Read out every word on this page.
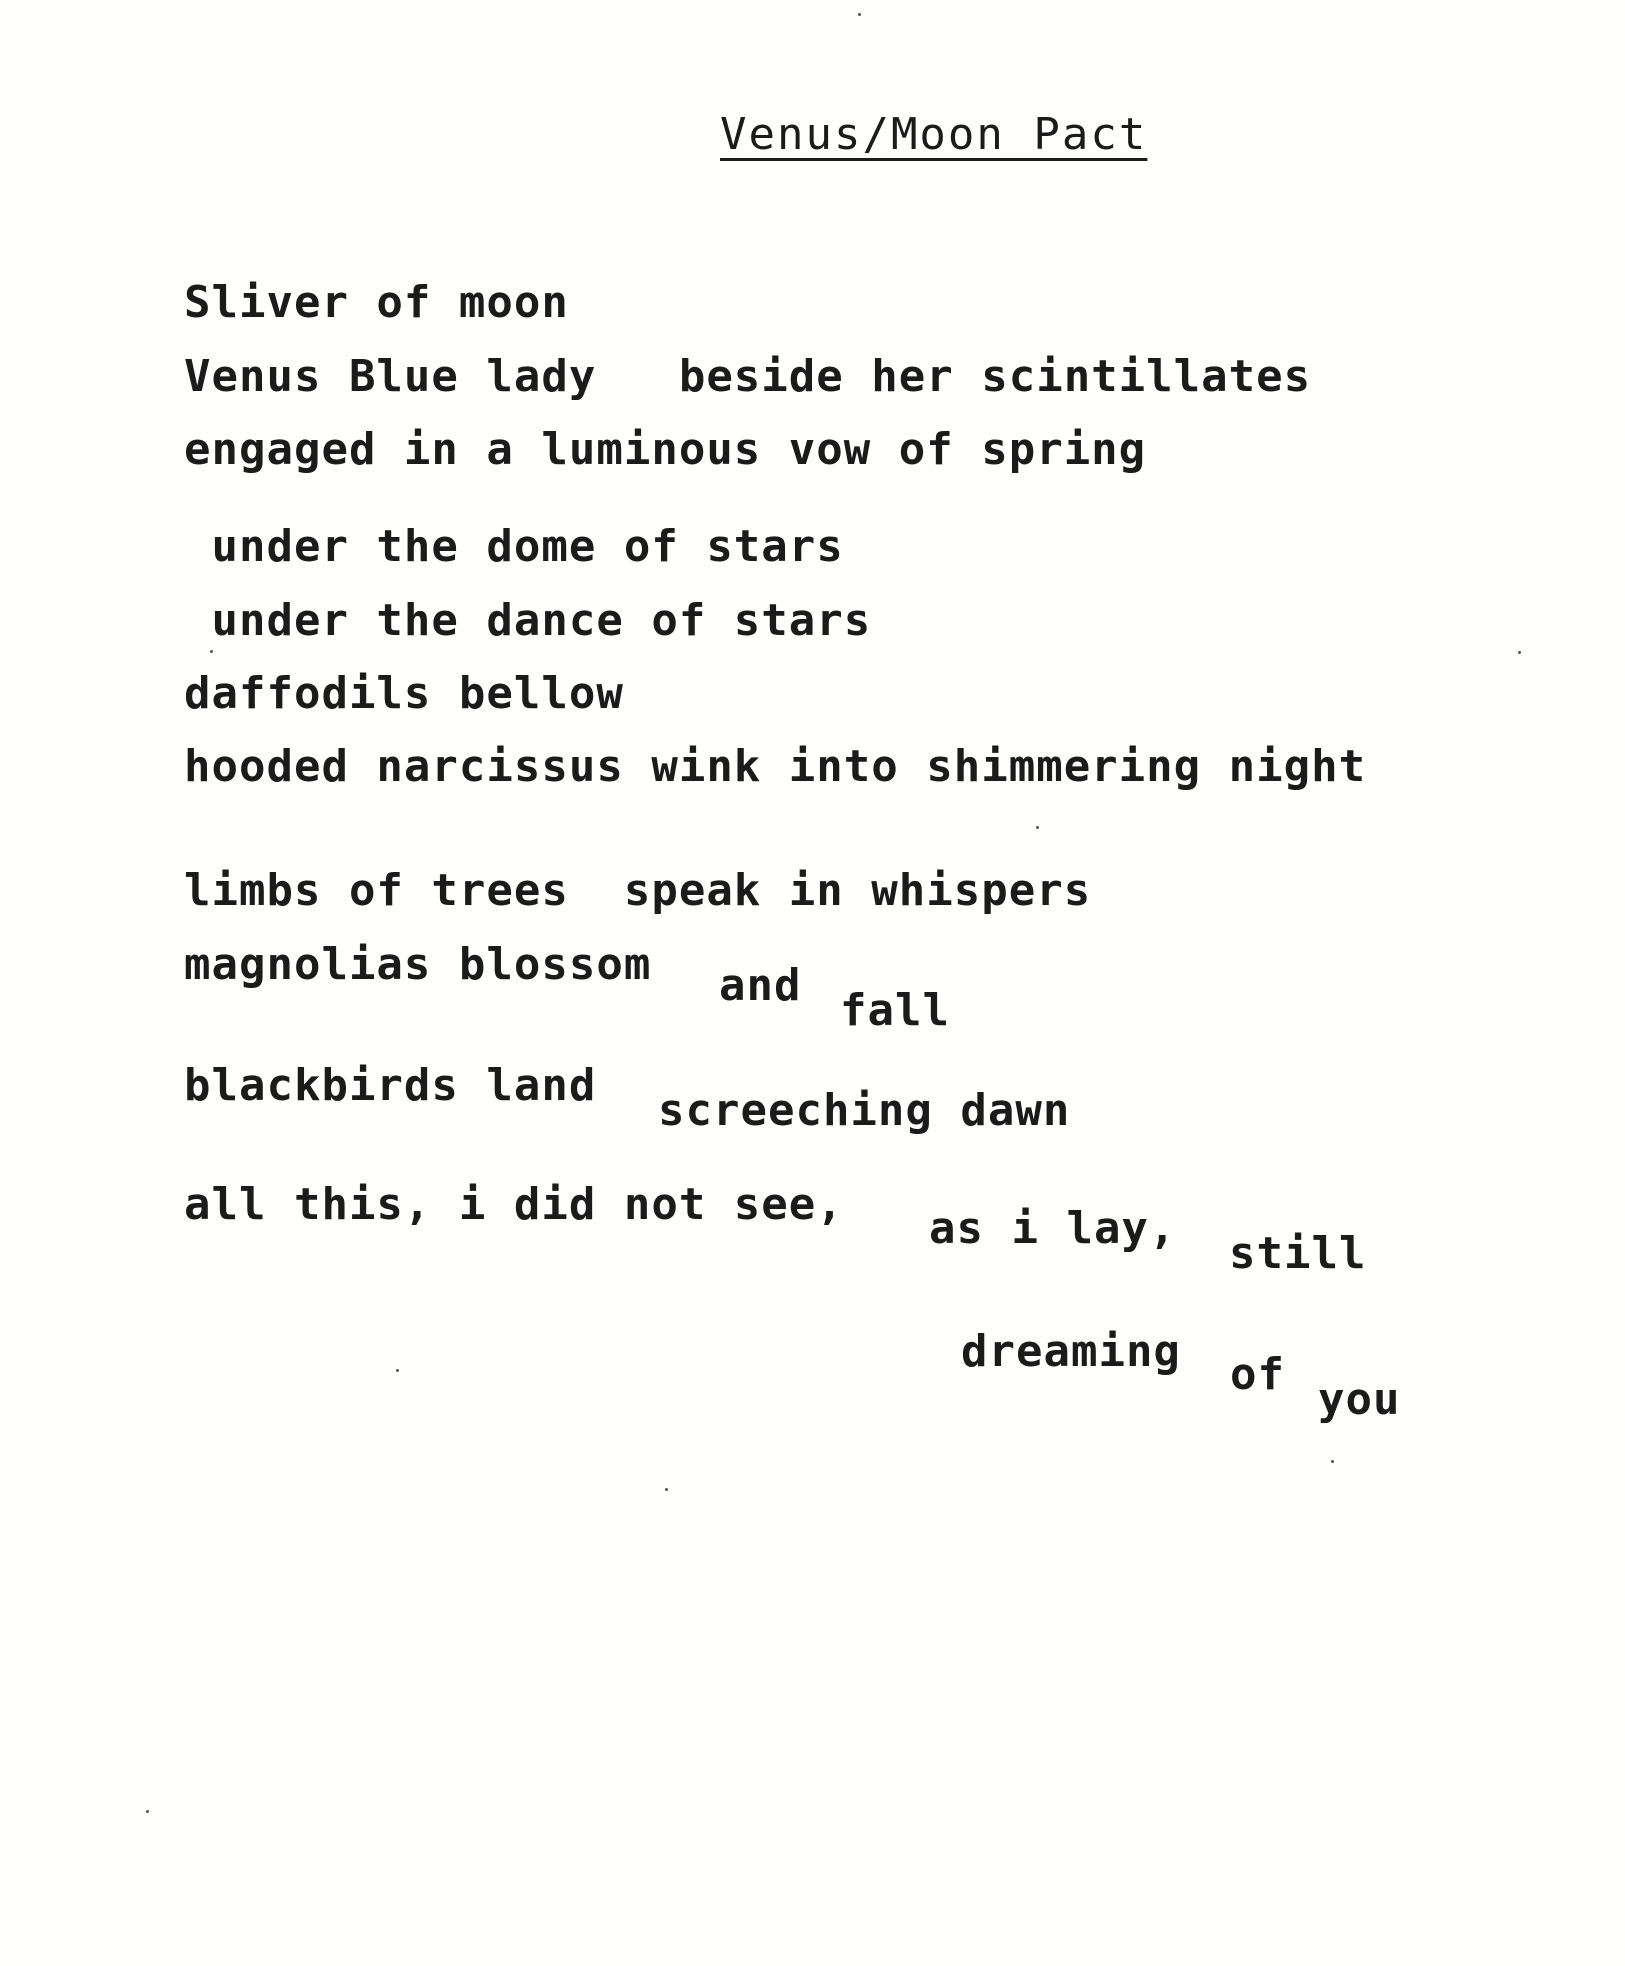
Venus/Moon Pact
Sliver of moon
Venus Blue lady   beside her scintillates
engaged in a luminous vow of spring
under the dome of stars
under the dance of stars
daffodils bellow
hooded narcissus wink into shimmering night
limbs of trees  speak in whispers
magnolias blossom and fall
blackbirds land screeching dawn
all this, i did not see, as i lay, still
dreaming of you
